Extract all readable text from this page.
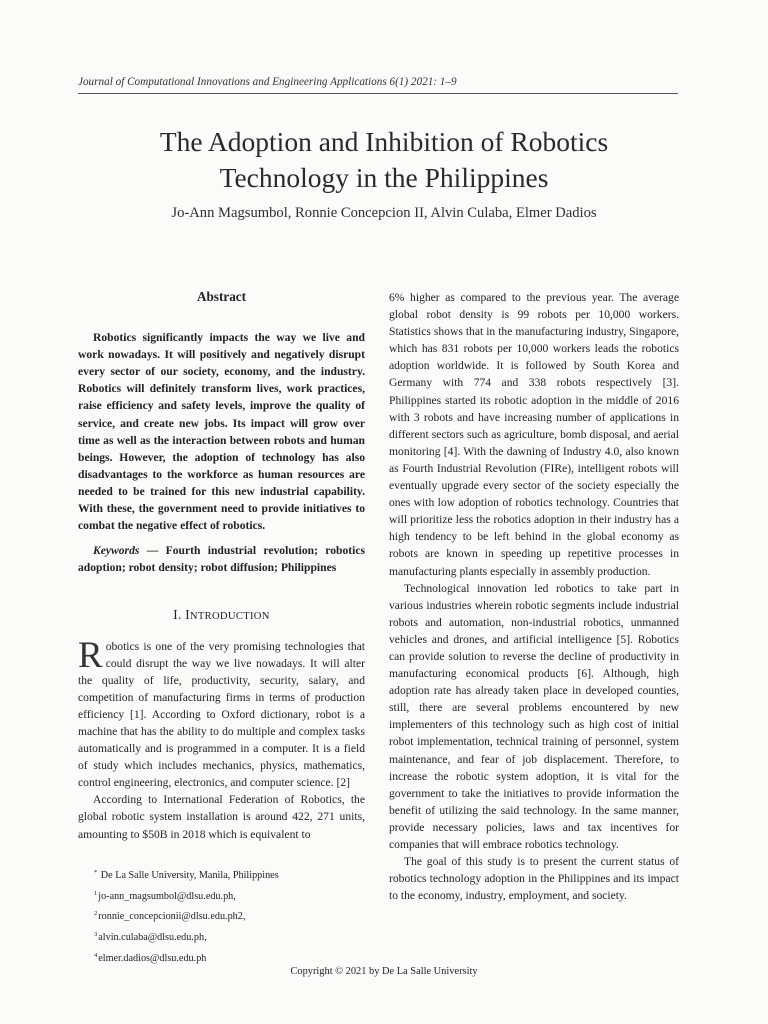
Journal of Computational Innovations and Engineering Applications 6(1) 2021: 1–9
The Adoption and Inhibition of Robotics
Technology in the Philippines
Jo-Ann Magsumbol, Ronnie Concepcion II, Alvin Culaba, Elmer Dadios

Abstract

Robotics significantly impacts the way we live and work nowadays. It will positively and negatively disrupt every sector of our society, economy, and the industry. Robotics will definitely transform lives, work practices, raise efficiency and safety levels, improve the quality of service, and create new jobs. Its impact will grow over time as well as the interaction between robots and human beings. However, the adoption of technology has also disadvantages to the workforce as human resources are needed to be trained for this new industrial capability. With these, the government need to provide initiatives to combat the negative effect of robotics.

Keywords — Fourth industrial revolution; robotics adoption; robot density; robot diffusion; Philippines

I. INTRODUCTION

Robotics is one of the very promising technologies that could disrupt the way we live nowadays. It will alter the quality of life, productivity, security, salary, and competition of manufacturing firms in terms of production efficiency [1]. According to Oxford dictionary, robot is a machine that has the ability to do multiple and complex tasks automatically and is programmed in a computer. It is a field of study which includes mechanics, physics, mathematics, control engineering, electronics, and computer science. [2]

According to International Federation of Robotics, the global robotic system installation is around 422, 271 units, amounting to $50B in 2018 which is equivalent to

6% higher as compared to the previous year. The average global robot density is 99 robots per 10,000 workers. Statistics shows that in the manufacturing industry, Singapore, which has 831 robots per 10,000 workers leads the robotics adoption worldwide. It is followed by South Korea and Germany with 774 and 338 robots respectively [3]. Philippines started its robotic adoption in the middle of 2016 with 3 robots and have increasing number of applications in different sectors such as agriculture, bomb disposal, and aerial monitoring [4]. With the dawning of Industry 4.0, also known as Fourth Industrial Revolution (FIRe), intelligent robots will eventually upgrade every sector of the society especially the ones with low adoption of robotics technology. Countries that will prioritize less the robotics adoption in their industry has a high tendency to be left behind in the global economy as robots are known in speeding up repetitive processes in manufacturing plants especially in assembly production.

Technological innovation led robotics to take part in various industries wherein robotic segments include industrial robots and automation, non-industrial robotics, unmanned vehicles and drones, and artificial intelligence [5]. Robotics can provide solution to reverse the decline of productivity in manufacturing economical products [6]. Although, high adoption rate has already taken place in developed counties, still, there are several problems encountered by new implementers of this technology such as high cost of initial robot implementation, technical training of personnel, system maintenance, and fear of job displacement. Therefore, to increase the robotic system adoption, it is vital for the government to take the initiatives to provide information the benefit of utilizing the said technology. In the same manner, provide necessary policies, laws and tax incentives for companies that will embrace robotics technology.

The goal of this study is to present the current status of robotics technology adoption in the Philippines and its impact to the economy, industry, employment, and society.

* De La Salle University, Manila, Philippines
$^1$jo-ann_magsumbol@dlsu.edu.ph,
$^2$ronnie_concepcionii@dlsu.edu.ph2,
$^3$alvin.culaba@dlsu.edu.ph,
$^4$elmer.dadios@dlsu.edu.ph
Copyright © 2021 by De La Salle University
